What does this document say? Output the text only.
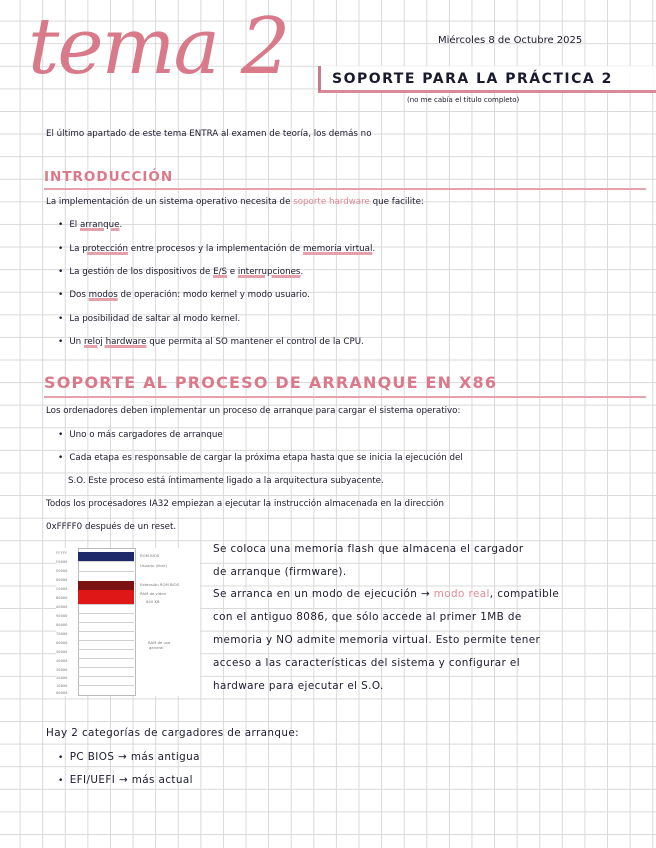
tema 2	Miércoles 8 de Octubre 2025
SOPORTE PARA LA PRÁCTICA 2
(no me cabía el título completo)
El último apartado de este tema ENTRA al examen de teoría, los demás no
INTRODUCCIÓN
La implementación de un sistema operativo necesita de soporte hardware que facilite:
• El arranque.
• La protección entre procesos y la implementación de memoria virtual.
• La gestión de los dispositivos de E/S e interrupciones.
• Dos modos de operación: modo kernel y modo usuario.
• La posibilidad de saltar al modo kernel.
• Un reloj hardware que permita al SO mantener el control de la CPU.
SOPORTE AL PROCESO DE ARRANQUE EN X86
Los ordenadores deben implementar un proceso de arranque para cargar el sistema operativo:
• Uno o más cargadores de arranque
• Cada etapa es responsable de cargar la próxima etapa hasta que se inicia la ejecución del
S.O. Este proceso está íntimamente ligado a la arquitectura subyacente.
Todos los procesadores IA32 empiezan a ejecutar la instrucción almacenada en la dirección
0xFFFF0 después de un reset.
FFFFF
F0000
E0000
D0000
C0000
B0000
A0000
90000
80000
70000
60000
50000
40000
30000
20000
10000
00000
ROM BIOS
Usuario (libre)
Extensión ROM BIOS
RAM de vídeo
640 KB
RAM de uso
general
Se coloca una memoria flash que almacena el cargador
de arranque (firmware).
Se arranca en un modo de ejecución → modo real, compatible
con el antiguo 8086, que sólo accede al primer 1MB de
memoria y NO admite memoria virtual. Esto permite tener
acceso a las características del sistema y configurar el
hardware para ejecutar el S.O.
Hay 2 categorías de cargadores de arranque:
• PC BIOS → más antigua
• EFI/UEFI → más actual
